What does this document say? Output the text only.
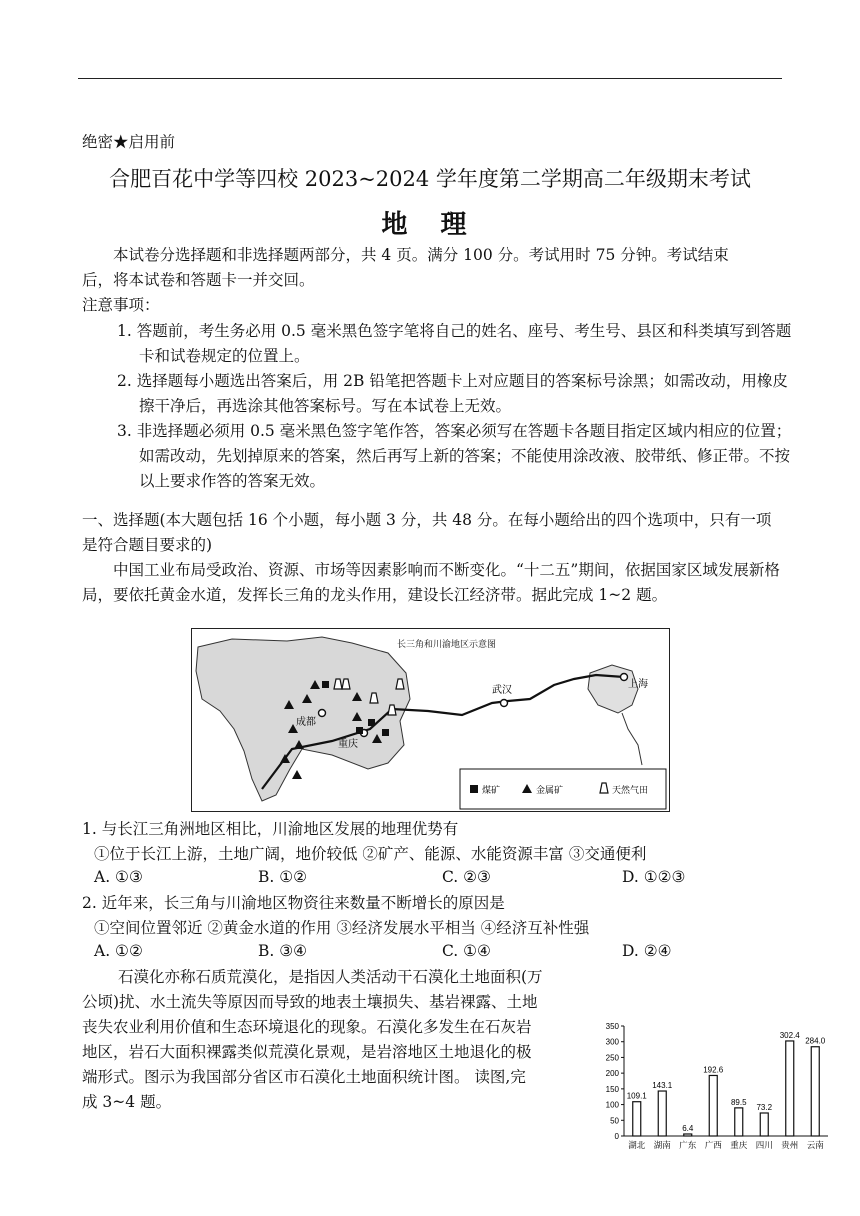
绝密★启用前
合肥百花中学等四校 2023~2024 学年度第二学期高二年级期末考试
地 理
本试卷分选择题和非选择题两部分，共 4 页。满分 100 分。考试用时 75 分钟。考试结束
后，将本试卷和答题卡一并交回。
注意事项：
1. 答题前，考生务必用 0.5 毫米黑色签字笔将自己的姓名、座号、考生号、县区和科类填写到答题卡和试卷规定的位置上。
2. 选择题每小题选出答案后，用 2B 铅笔把答题卡上对应题目的答案标号涂黑；如需改动，用橡皮擦干净后，再选涂其他答案标号。写在本试卷上无效。
3. 非选择题必须用 0.5 毫米黑色签字笔作答，答案必须写在答题卡各题目指定区域内相应的位置；如需改动，先划掉原来的答案，然后再写上新的答案；不能使用涂改液、胶带纸、修正带。不按以上要求作答的答案无效。
一、选择题(本大题包括 16 个小题，每小题 3 分，共 48 分。在每小题给出的四个选项中，只有一项是符合题目要求的)
中国工业布局受政治、资源、市场等因素影响而不断变化。“十二五”期间，依据国家区域发展新格局，要依托黄金水道，发挥长三角的龙头作用，建设长江经济带。据此完成 1~2 题。
长三角和川渝地区示意图
成都
重庆
武汉
上海
煤矿	金属矿	天然气田
1. 与长江三角洲地区相比，川渝地区发展的地理优势有
①位于长江上游，土地广阔，地价较低 ②矿产、能源、水能资源丰富 ③交通便利
A. ①③	B. ①②	C. ②③	D. ①②③
2. 近年来，长三角与川渝地区物资往来数量不断增长的原因是
①空间位置邻近 ②黄金水道的作用 ③经济发展水平相当 ④经济互补性强
A. ①②	B. ③④	C. ①④	D. ②④
石漠化亦称石质荒漠化，是指因人类活动干石漠化土地面积(万
公顷)扰、水土流失等原因而导致的地表土壤损失、基岩裸露、土地
丧失农业利用价值和生态环境退化的现象。石漠化多发生在石灰岩
地区，岩石大面积裸露类似荒漠化景观，是岩溶地区土地退化的极
端形式。图示为我国部分省区市石漠化土地面积统计图。 读图,完
成 3~4 题。
0
50
100
150
200
250
300
350
109.1
湖北
143.1
湖南
6.4
广东
192.6
广西
89.5
重庆
73.2
四川
302.4
贵州
284.0
云南
